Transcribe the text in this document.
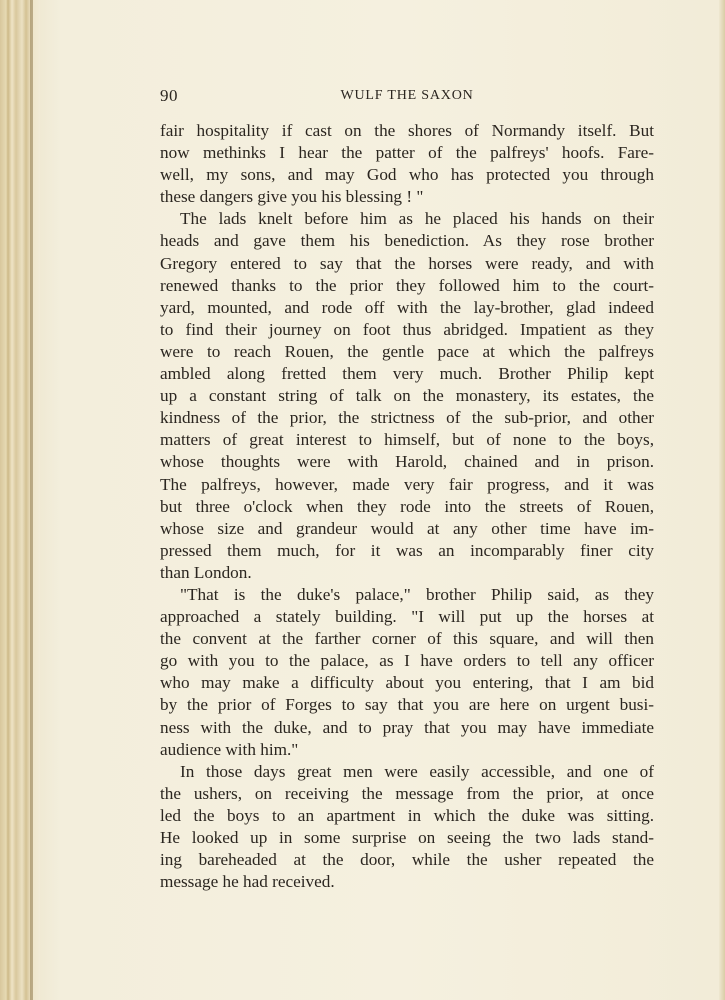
90	WULF THE SAXON
fair hospitality if cast on the shores of Normandy itself. But
now methinks I hear the patter of the palfreys' hoofs. Fare-
well, my sons, and may God who has protected you through
these dangers give you his blessing ! "
The lads knelt before him as he placed his hands on their
heads and gave them his benediction. As they rose brother
Gregory entered to say that the horses were ready, and with
renewed thanks to the prior they followed him to the court-
yard, mounted, and rode off with the lay-brother, glad indeed
to find their journey on foot thus abridged. Impatient as they
were to reach Rouen, the gentle pace at which the palfreys
ambled along fretted them very much. Brother Philip kept
up a constant string of talk on the monastery, its estates, the
kindness of the prior, the strictness of the sub-prior, and other
matters of great interest to himself, but of none to the boys,
whose thoughts were with Harold, chained and in prison.
The palfreys, however, made very fair progress, and it was
but three o'clock when they rode into the streets of Rouen,
whose size and grandeur would at any other time have im-
pressed them much, for it was an incomparably finer city
than London.
"That is the duke's palace," brother Philip said, as they
approached a stately building. "I will put up the horses at
the convent at the farther corner of this square, and will then
go with you to the palace, as I have orders to tell any officer
who may make a difficulty about you entering, that I am bid
by the prior of Forges to say that you are here on urgent busi-
ness with the duke, and to pray that you may have immediate
audience with him."
In those days great men were easily accessible, and one of
the ushers, on receiving the message from the prior, at once
led the boys to an apartment in which the duke was sitting.
He looked up in some surprise on seeing the two lads stand-
ing bareheaded at the door, while the usher repeated the
message he had received.
